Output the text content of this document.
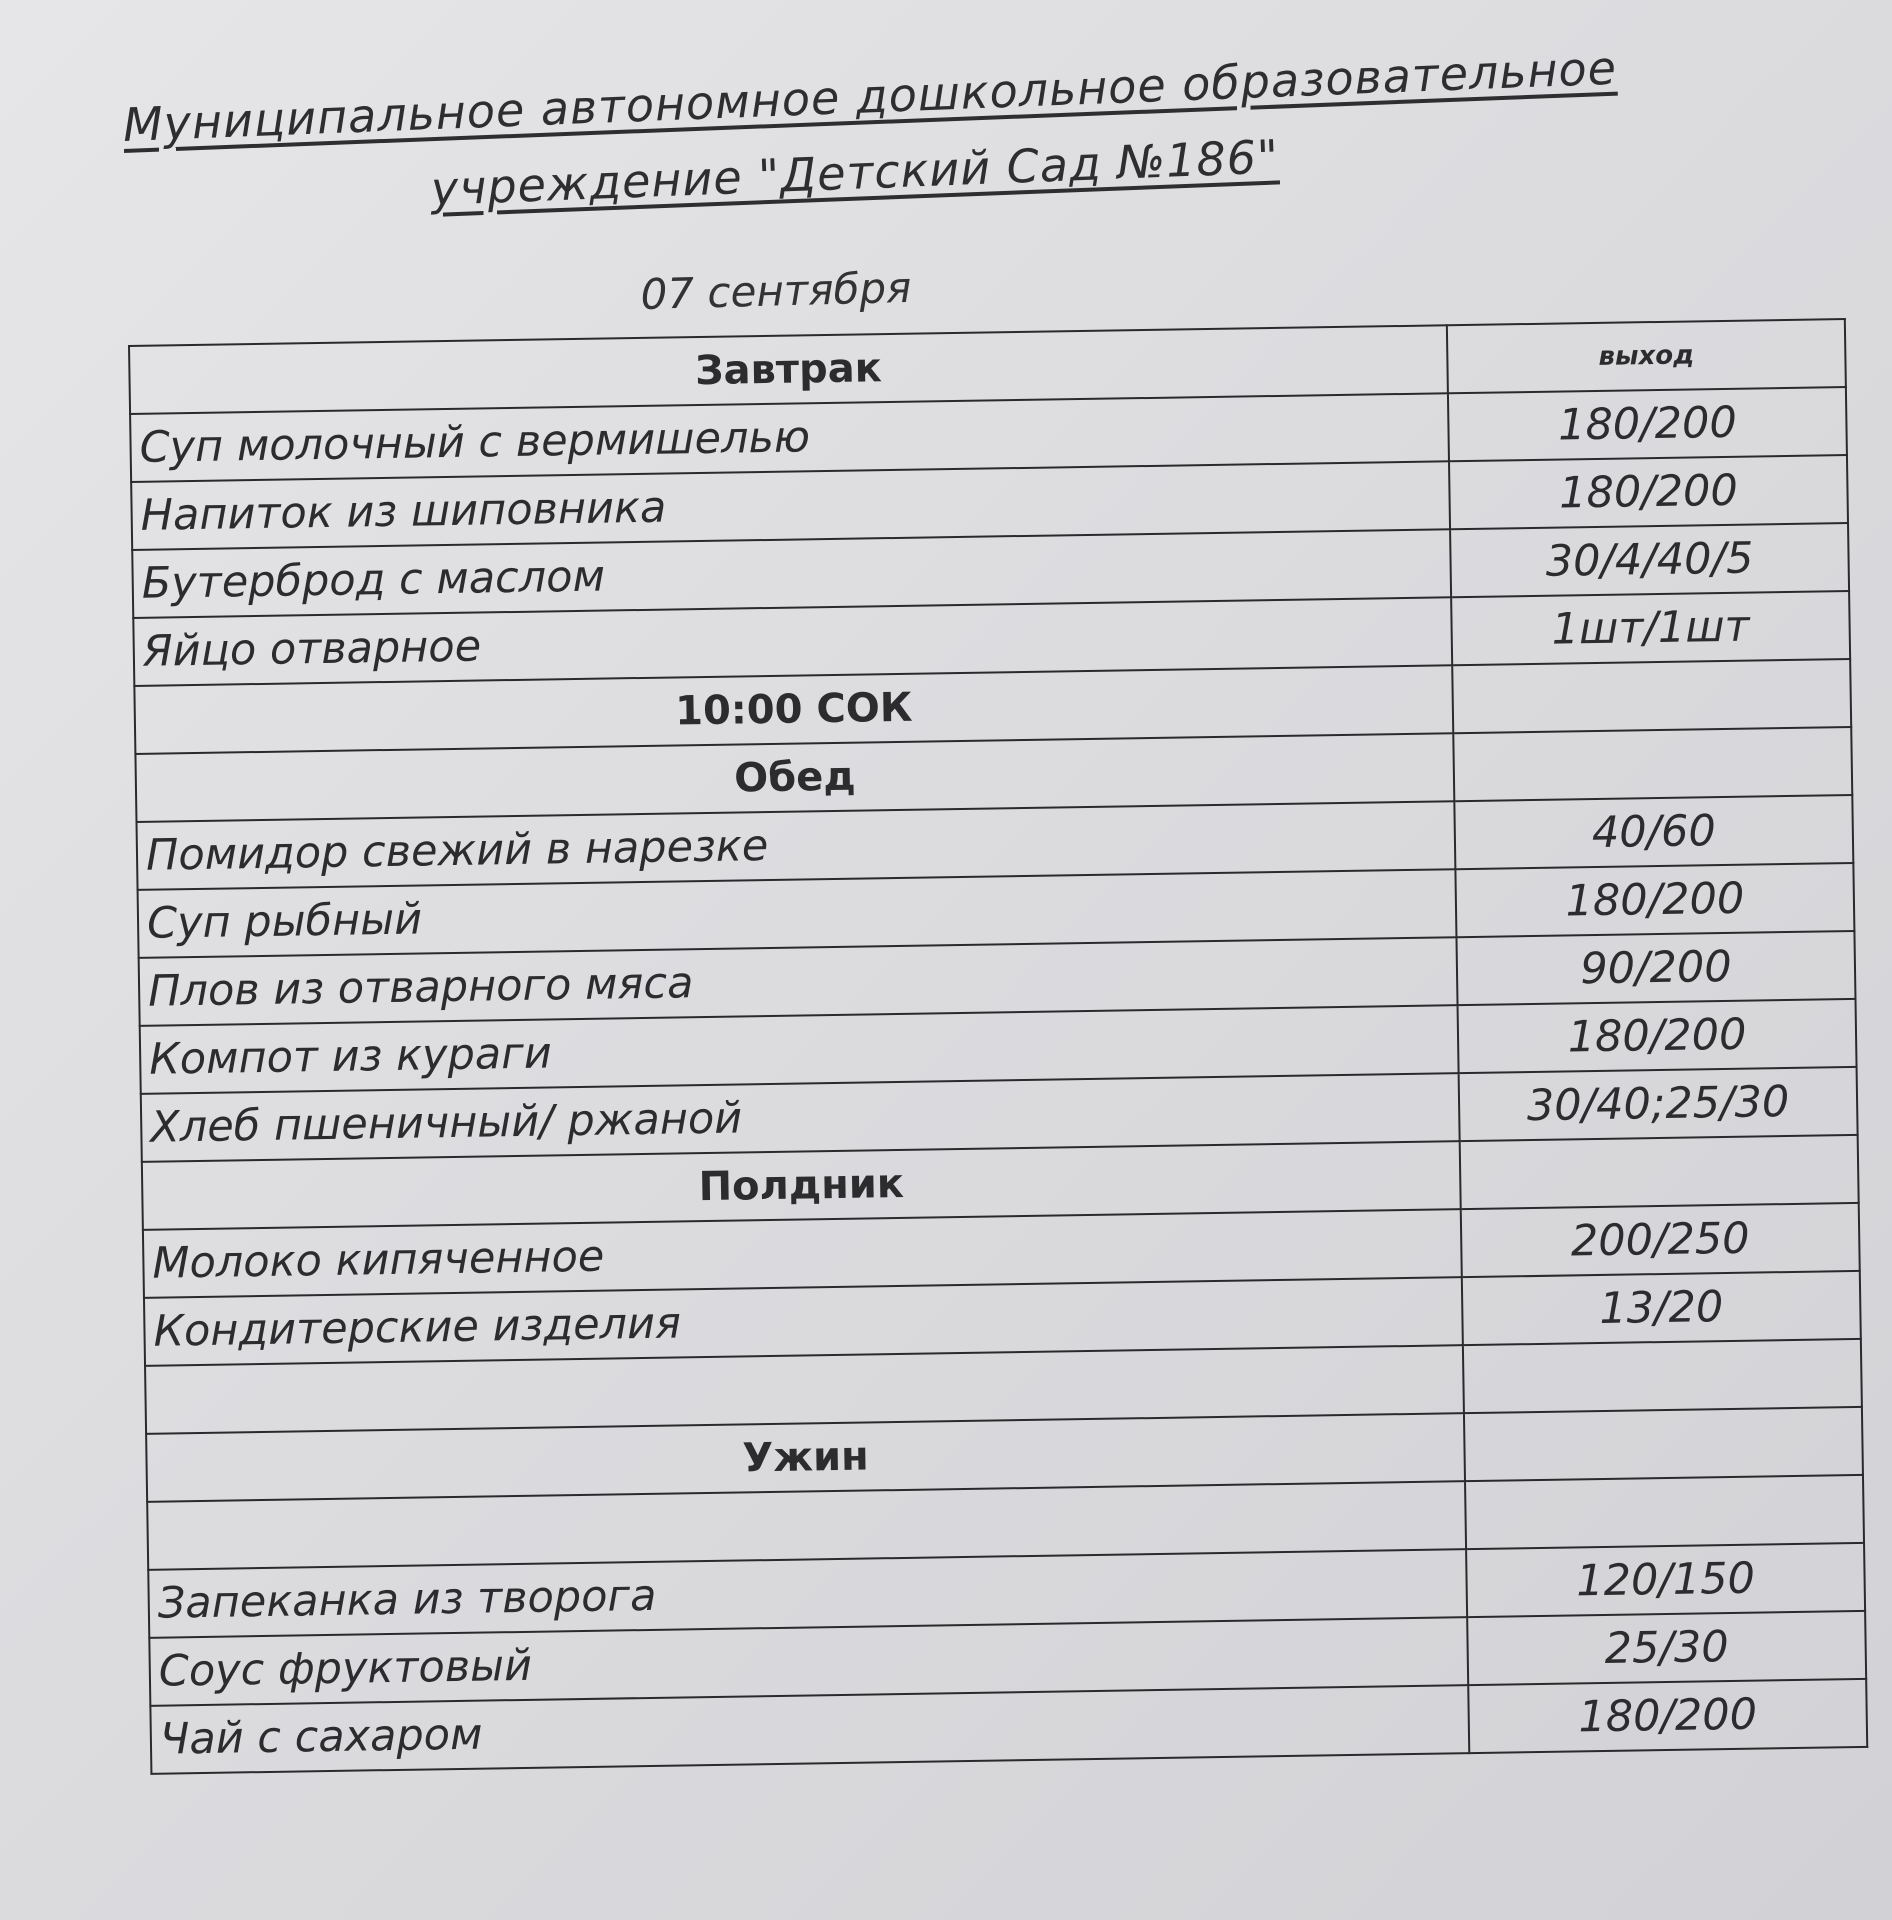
Муниципальное автономное дошкольное образовательное
учреждение "Детский Сад №186"
07 сентября
Завтрак	выход
Суп молочный с вермишелью	180/200
Напиток из шиповника	180/200
Бутерброд с маслом	30/4/40/5
Яйцо отварное	1шт/1шт
10:00 СОК	
Обед	
Помидор свежий в нарезке	40/60
Суп рыбный	180/200
Плов из отварного мяса	90/200
Компот из кураги	180/200
Хлеб пшеничный/ ржаной	30/40;25/30
Полдник	
Молоко кипяченное	200/250
Кондитерские изделия	13/20

Ужин	

Запеканка из творога	120/150
Соус фруктовый	25/30
Чай с сахаром	180/200
